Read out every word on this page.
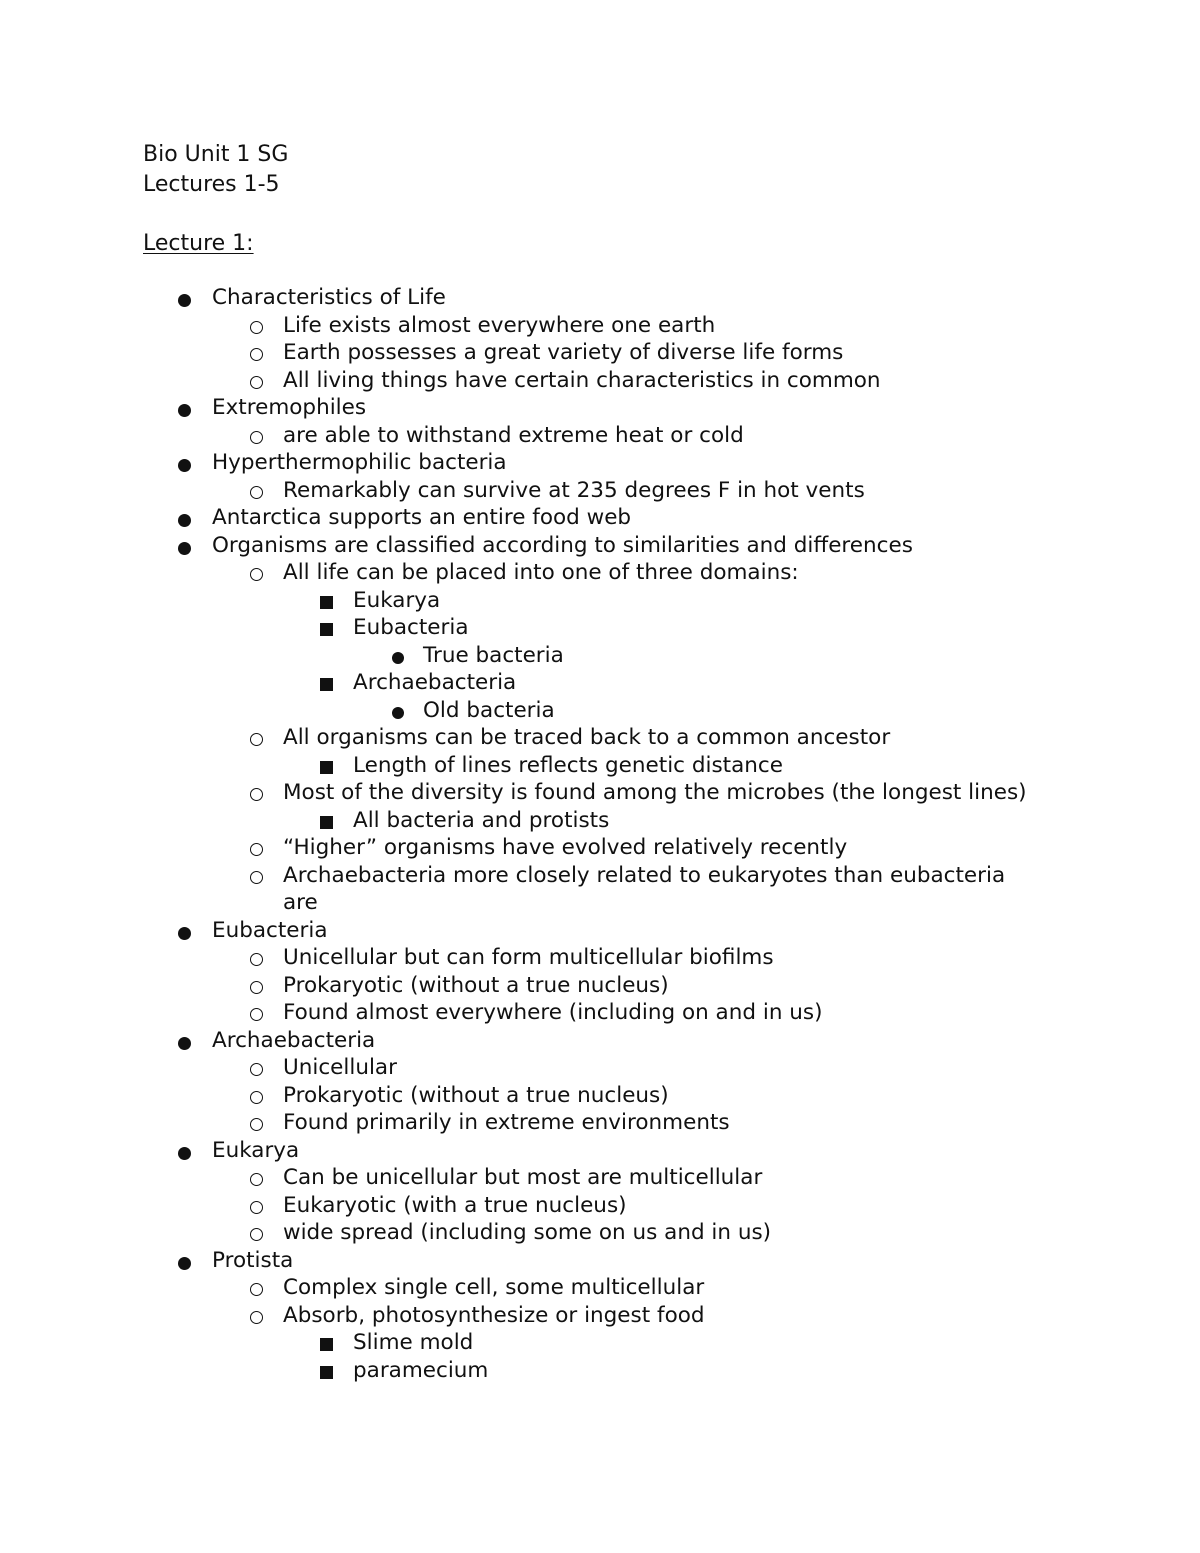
Bio Unit 1 SG
Lectures 1-5
Lecture 1:
Characteristics of Life
Life exists almost everywhere one earth
Earth possesses a great variety of diverse life forms
All living things have certain characteristics in common
Extremophiles
are able to withstand extreme heat or cold
Hyperthermophilic bacteria
Remarkably can survive at 235 degrees F in hot vents
Antarctica supports an entire food web
Organisms are classified according to similarities and differences
All life can be placed into one of three domains:
Eukarya
Eubacteria
True bacteria
Archaebacteria
Old bacteria
All organisms can be traced back to a common ancestor
Length of lines reflects genetic distance
Most of the diversity is found among the microbes (the longest lines)
All bacteria and protists
“Higher” organisms have evolved relatively recently
Archaebacteria more closely related to eukaryotes than eubacteria are
Eubacteria
Unicellular but can form multicellular biofilms
Prokaryotic (without a true nucleus)
Found almost everywhere (including on and in us)
Archaebacteria
Unicellular
Prokaryotic (without a true nucleus)
Found primarily in extreme environments
Eukarya
Can be unicellular but most are multicellular
Eukaryotic (with a true nucleus)
wide spread (including some on us and in us)
Protista
Complex single cell, some multicellular
Absorb, photosynthesize or ingest food
Slime mold
paramecium
